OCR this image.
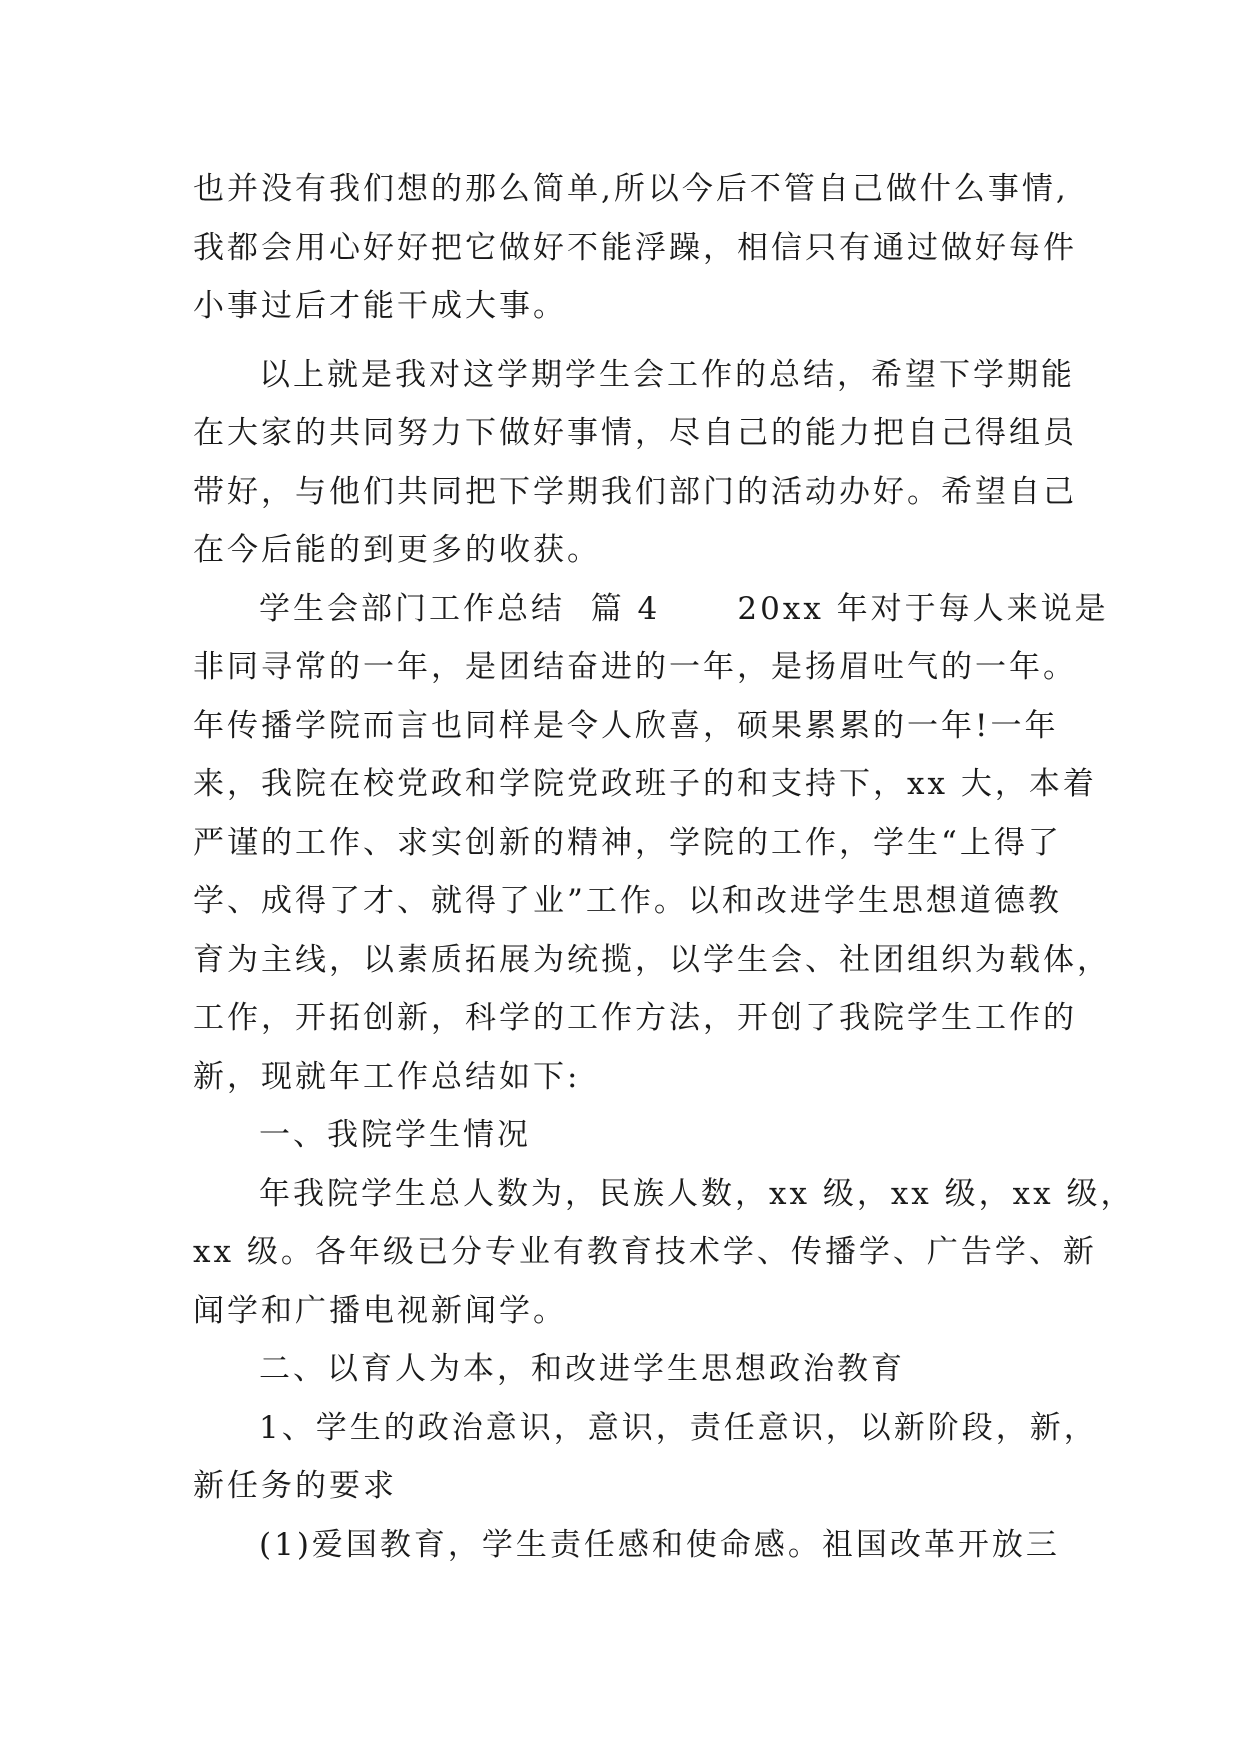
也并没有我们想的那么简单,所以今后不管自己做什么事情,
我都会用心好好把它做好不能浮躁，相信只有通过做好每件
小事过后才能干成大事。
以上就是我对这学期学生会工作的总结，希望下学期能
在大家的共同努力下做好事情，尽自己的能力把自己得组员
带好，与他们共同把下学期我们部门的活动办好。希望自己
在今后能的到更多的收获。
学生会部门工作总结  篇 4      20xx 年对于每人来说是
非同寻常的一年，是团结奋进的一年，是扬眉吐气的一年。
年传播学院而言也同样是令人欣喜，硕果累累的一年!一年
来，我院在校党政和学院党政班子的和支持下，xx 大，本着
严谨的工作、求实创新的精神，学院的工作，学生“上得了
学、成得了才、就得了业”工作。以和改进学生思想道德教
育为主线，以素质拓展为统揽，以学生会、社团组织为载体，
工作，开拓创新，科学的工作方法，开创了我院学生工作的
新，现就年工作总结如下:
一、我院学生情况
年我院学生总人数为，民族人数，xx 级，xx 级，xx 级，
xx 级。各年级已分专业有教育技术学、传播学、广告学、新
闻学和广播电视新闻学。
二、以育人为本，和改进学生思想政治教育
1、学生的政治意识，意识，责任意识，以新阶段，新，
新任务的要求
(1)爱国教育，学生责任感和使命感。祖国改革开放三
